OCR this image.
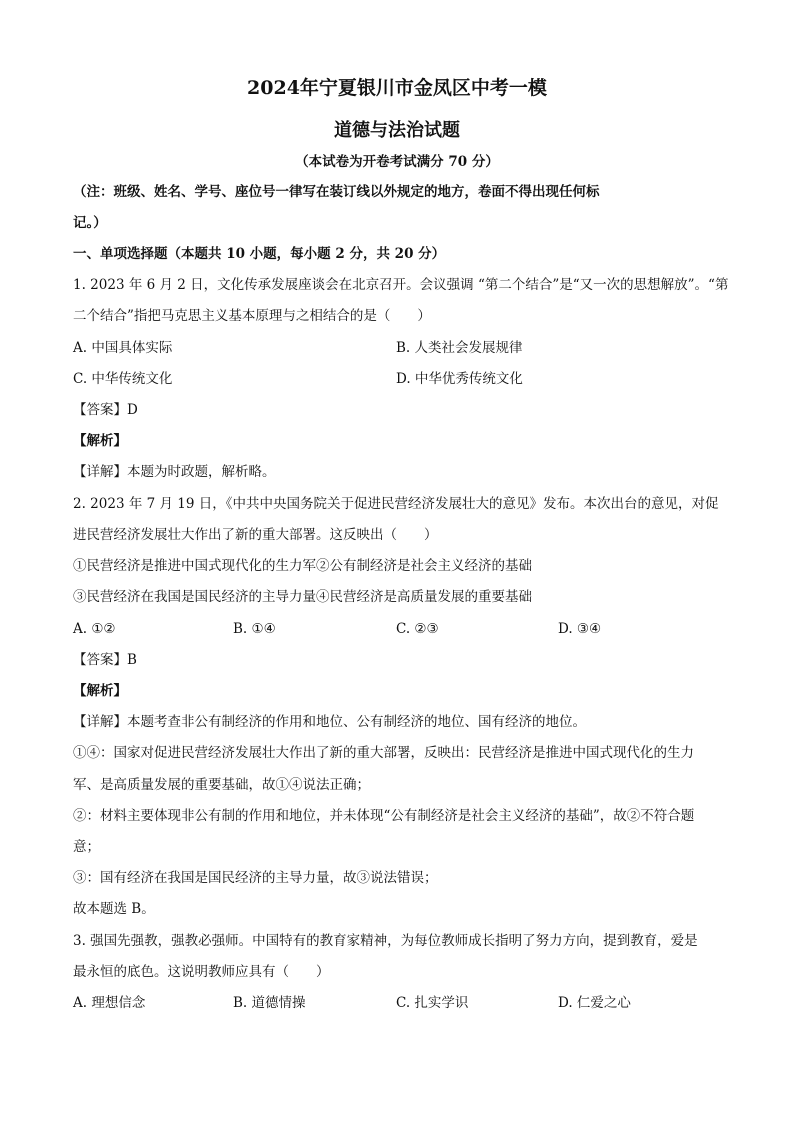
2024年宁夏银川市金凤区中考一模
道德与法治试题
（本试卷为开卷考试满分 70 分）
（注：班级、姓名、学号、座位号一律写在装订线以外规定的地方，卷面不得出现任何标
记。）
一、单项选择题（本题共 10 小题，每小题 2 分，共 20 分）
1. 2023 年 6 月 2 日，文化传承发展座谈会在北京召开。会议强调 “第二个结合”是“又一次的思想解放”。“第
二个结合”指把马克思主义基本原理与之相结合的是（　　）
A. 中国具体实际	B. 人类社会发展规律
C. 中华传统文化	D. 中华优秀传统文化
【答案】D
【解析】
【详解】本题为时政题，解析略。
2. 2023 年 7 月 19 日，《中共中央国务院关于促进民营经济发展壮大的意见》发布。本次出台的意见，对促
进民营经济发展壮大作出了新的重大部署。这反映出（　　）
①民营经济是推进中国式现代化的生力军②公有制经济是社会主义经济的基础
③民营经济在我国是国民经济的主导力量④民营经济是高质量发展的重要基础
A. ①②	B. ①④	C. ②③	D. ③④
【答案】B
【解析】
【详解】本题考查非公有制经济的作用和地位、公有制经济的地位、国有经济的地位。
①④：国家对促进民营经济发展壮大作出了新的重大部署，反映出：民营经济是推进中国式现代化的生力
军、是高质量发展的重要基础，故①④说法正确；
②：材料主要体现非公有制的作用和地位，并未体现“公有制经济是社会主义经济的基础”，故②不符合题
意；
③：国有经济在我国是国民经济的主导力量，故③说法错误；
故本题选 B。
3. 强国先强教，强教必强师。中国特有的教育家精神，为每位教师成长指明了努力方向，提到教育，爱是
最永恒的底色。这说明教师应具有（　　）
A. 理想信念	B. 道德情操	C. 扎实学识	D. 仁爱之心
